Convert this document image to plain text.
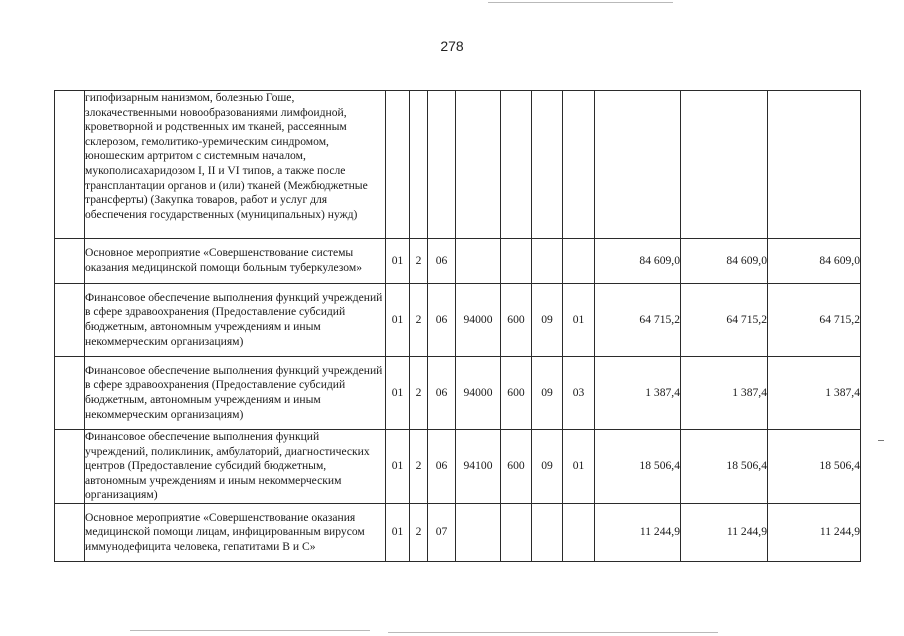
278
	гипофизарным нанизмом, болезнью Гоше, злокачественными новообразованиями лимфоидной, кроветворной и родственных им тканей, рассеянным склерозом, гемолитико-уремическим синдромом, юношеским артритом с системным началом, мукополисахаридозом I, II и VI типов, а также после трансплантации органов и (или) тканей (Межбюджетные трансферты) (Закупка товаров, работ и услуг для обеспечения государственных (муниципальных) нужд)										
	Основное мероприятие «Совершенствование системы оказания медицинской помощи больным туберкулезом»	01	2	06					84 609,0	84 609,0	84 609,0
	Финансовое обеспечение выполнения функций учреждений в сфере здравоохранения (Предоставление субсидий бюджетным, автономным учреждениям и иным некоммерческим организациям)	01	2	06	94000	600	09	01	64 715,2	64 715,2	64 715,2
	Финансовое обеспечение выполнения функций учреждений в сфере здравоохранения (Предоставление субсидий бюджетным, автономным учреждениям и иным некоммерческим организациям)	01	2	06	94000	600	09	03	1 387,4	1 387,4	1 387,4
	Финансовое обеспечение выполнения функций учреждений, поликлиник, амбулаторий, диагностических центров (Предоставление субсидий бюджетным, автономным учреждениям и иным некоммерческим организациям)	01	2	06	94100	600	09	01	18 506,4	18 506,4	18 506,4
	Основное мероприятие «Совершенствование оказания медицинской помощи лицам, инфицированным вирусом иммунодефицита человека, гепатитами В и С»	01	2	07					11 244,9	11 244,9	11 244,9
